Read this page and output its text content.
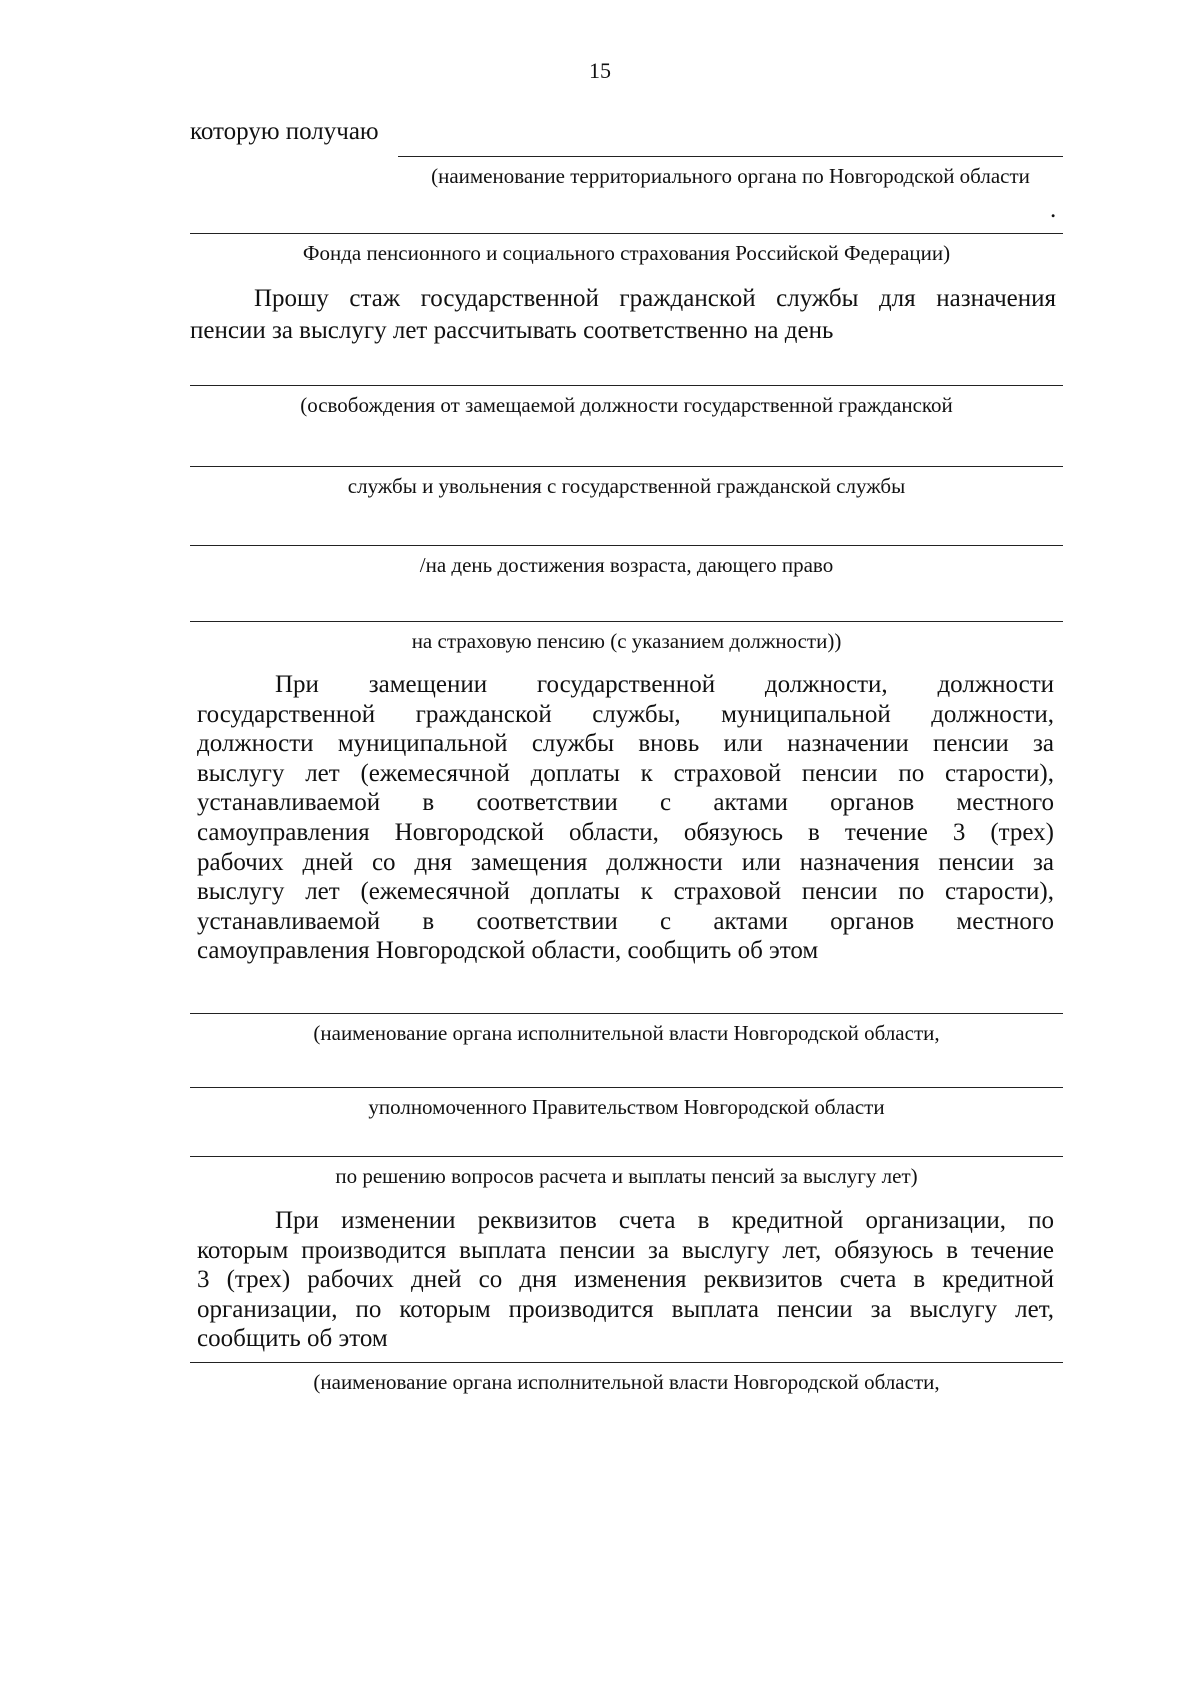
15
которую получаю
(наименование территориального органа по Новгородской области
.
Фонда пенсионного и социального страхования Российской Федерации)
Прошу стаж государственной гражданской службы для назначения
пенсии за выслугу лет рассчитывать соответственно на день
(освобождения от замещаемой должности государственной гражданской
службы и увольнения с государственной гражданской службы
/на день достижения возраста, дающего право
на страховую пенсию (с указанием должности))
При замещении государственной должности, должности
государственной гражданской службы, муниципальной должности,
должности муниципальной службы вновь или назначении пенсии за
выслугу лет (ежемесячной доплаты к страховой пенсии по старости),
устанавливаемой в соответствии с актами органов местного
самоуправления Новгородской области, обязуюсь в течение 3 (трех)
рабочих дней со дня замещения должности или назначения пенсии за
выслугу лет (ежемесячной доплаты к страховой пенсии по старости),
устанавливаемой в соответствии с актами органов местного
самоуправления Новгородской области, сообщить об этом
(наименование органа исполнительной власти Новгородской области,
уполномоченного Правительством Новгородской области
по решению вопросов расчета и выплаты пенсий за выслугу лет)
При изменении реквизитов счета в кредитной организации, по
которым производится выплата пенсии за выслугу лет, обязуюсь в течение
3 (трех) рабочих дней со дня изменения реквизитов счета в кредитной
организации, по которым производится выплата пенсии за выслугу лет,
сообщить об этом
(наименование органа исполнительной власти Новгородской области,
